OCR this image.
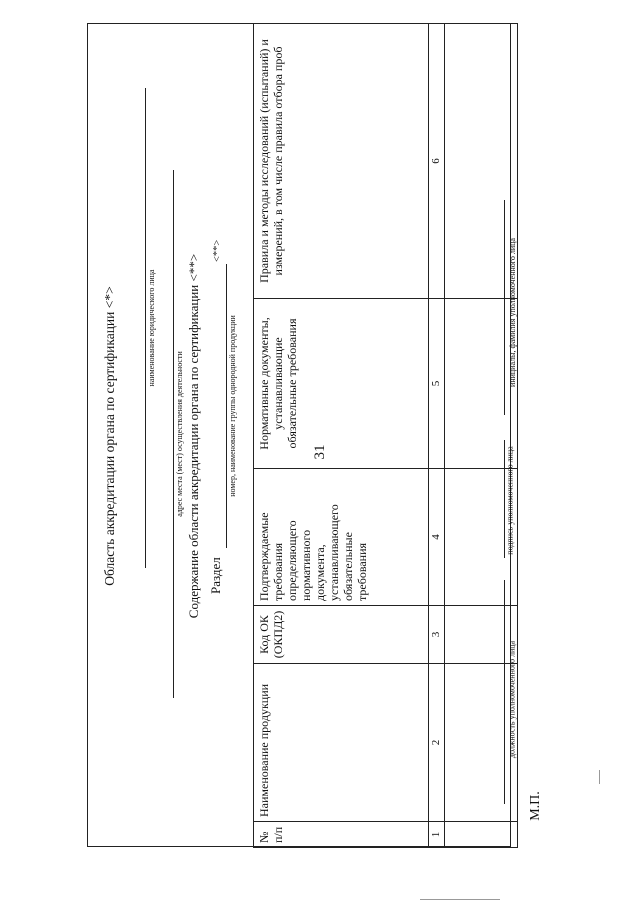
31
Область аккредитации органа по сертификации <*>	наименование юридического лица
адрес места (мест) осуществления деятельности Содержание области аккредитации органа по сертификации <**> Раздел
<**>
номер, наименование группы однородной продукции
№ п/п	Наименование продукции	Код ОК (ОКПД2)	Подтверждаемые требования определяющего нормативного документа, устанавливающего обязательные требования	Нормативные документы, устанавливающие обязательные требования	Правила и методы исследований (испытаний) и измерений, в том числе правила отбора проб
1	2	3	4	5	6

должность уполномоченного лица
подпись уполномоченного лица
инициалы, фамилия уполномоченного лица
М.П.
